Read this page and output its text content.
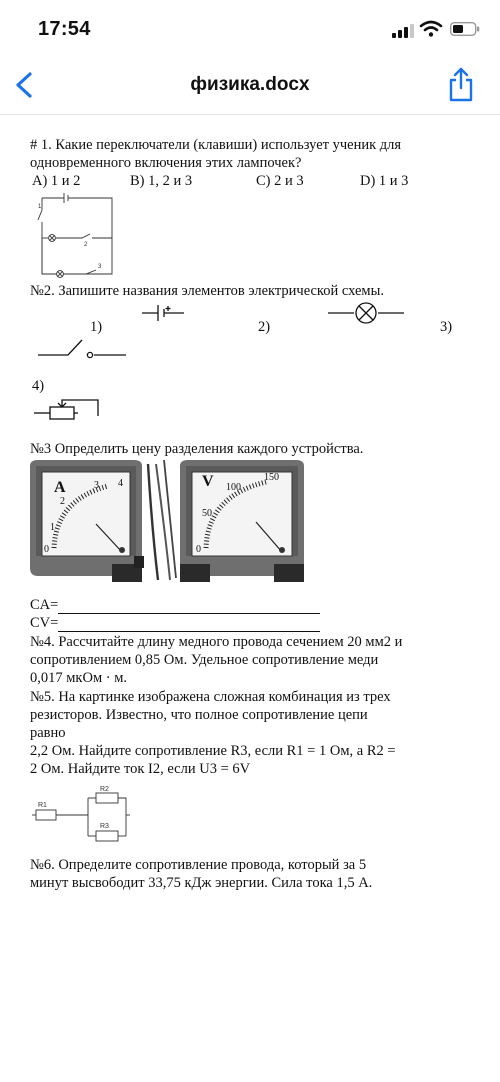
17:54
физика.docx
# 1. Какие переключатели (клавиши) использует ученик для
одновременного включения этих лампочек?
A) 1 и 2	B) 1, 2 и 3	C) 2 и 3	D) 1 и 3
1
2
3
№2. Запишите названия элементов электрической схемы.
1)	2)	3)
4)
№3 Определить цену разделения каждого устройства.
A
0
1
2
3 4	V
0
50
100
150
CA=
CV=
№4. Рассчитайте длину медного провода сечением 20 мм2 и
сопротивлением 0,85 Ом. Удельное сопротивление меди
0,017 мкОм · м.
№5. На картинке изображена сложная комбинация из трех
резисторов. Известно, что полное сопротивление цепи
равно
2,2 Ом. Найдите сопротивление R3, если R1 = 1 Ом, а R2 =
2 Ом. Найдите ток I2, если U3 = 6V
R1
R2
R3
№6. Определите сопротивление провода, который за 5
минут высвободит 33,75 кДж энергии. Сила тока 1,5 А.
